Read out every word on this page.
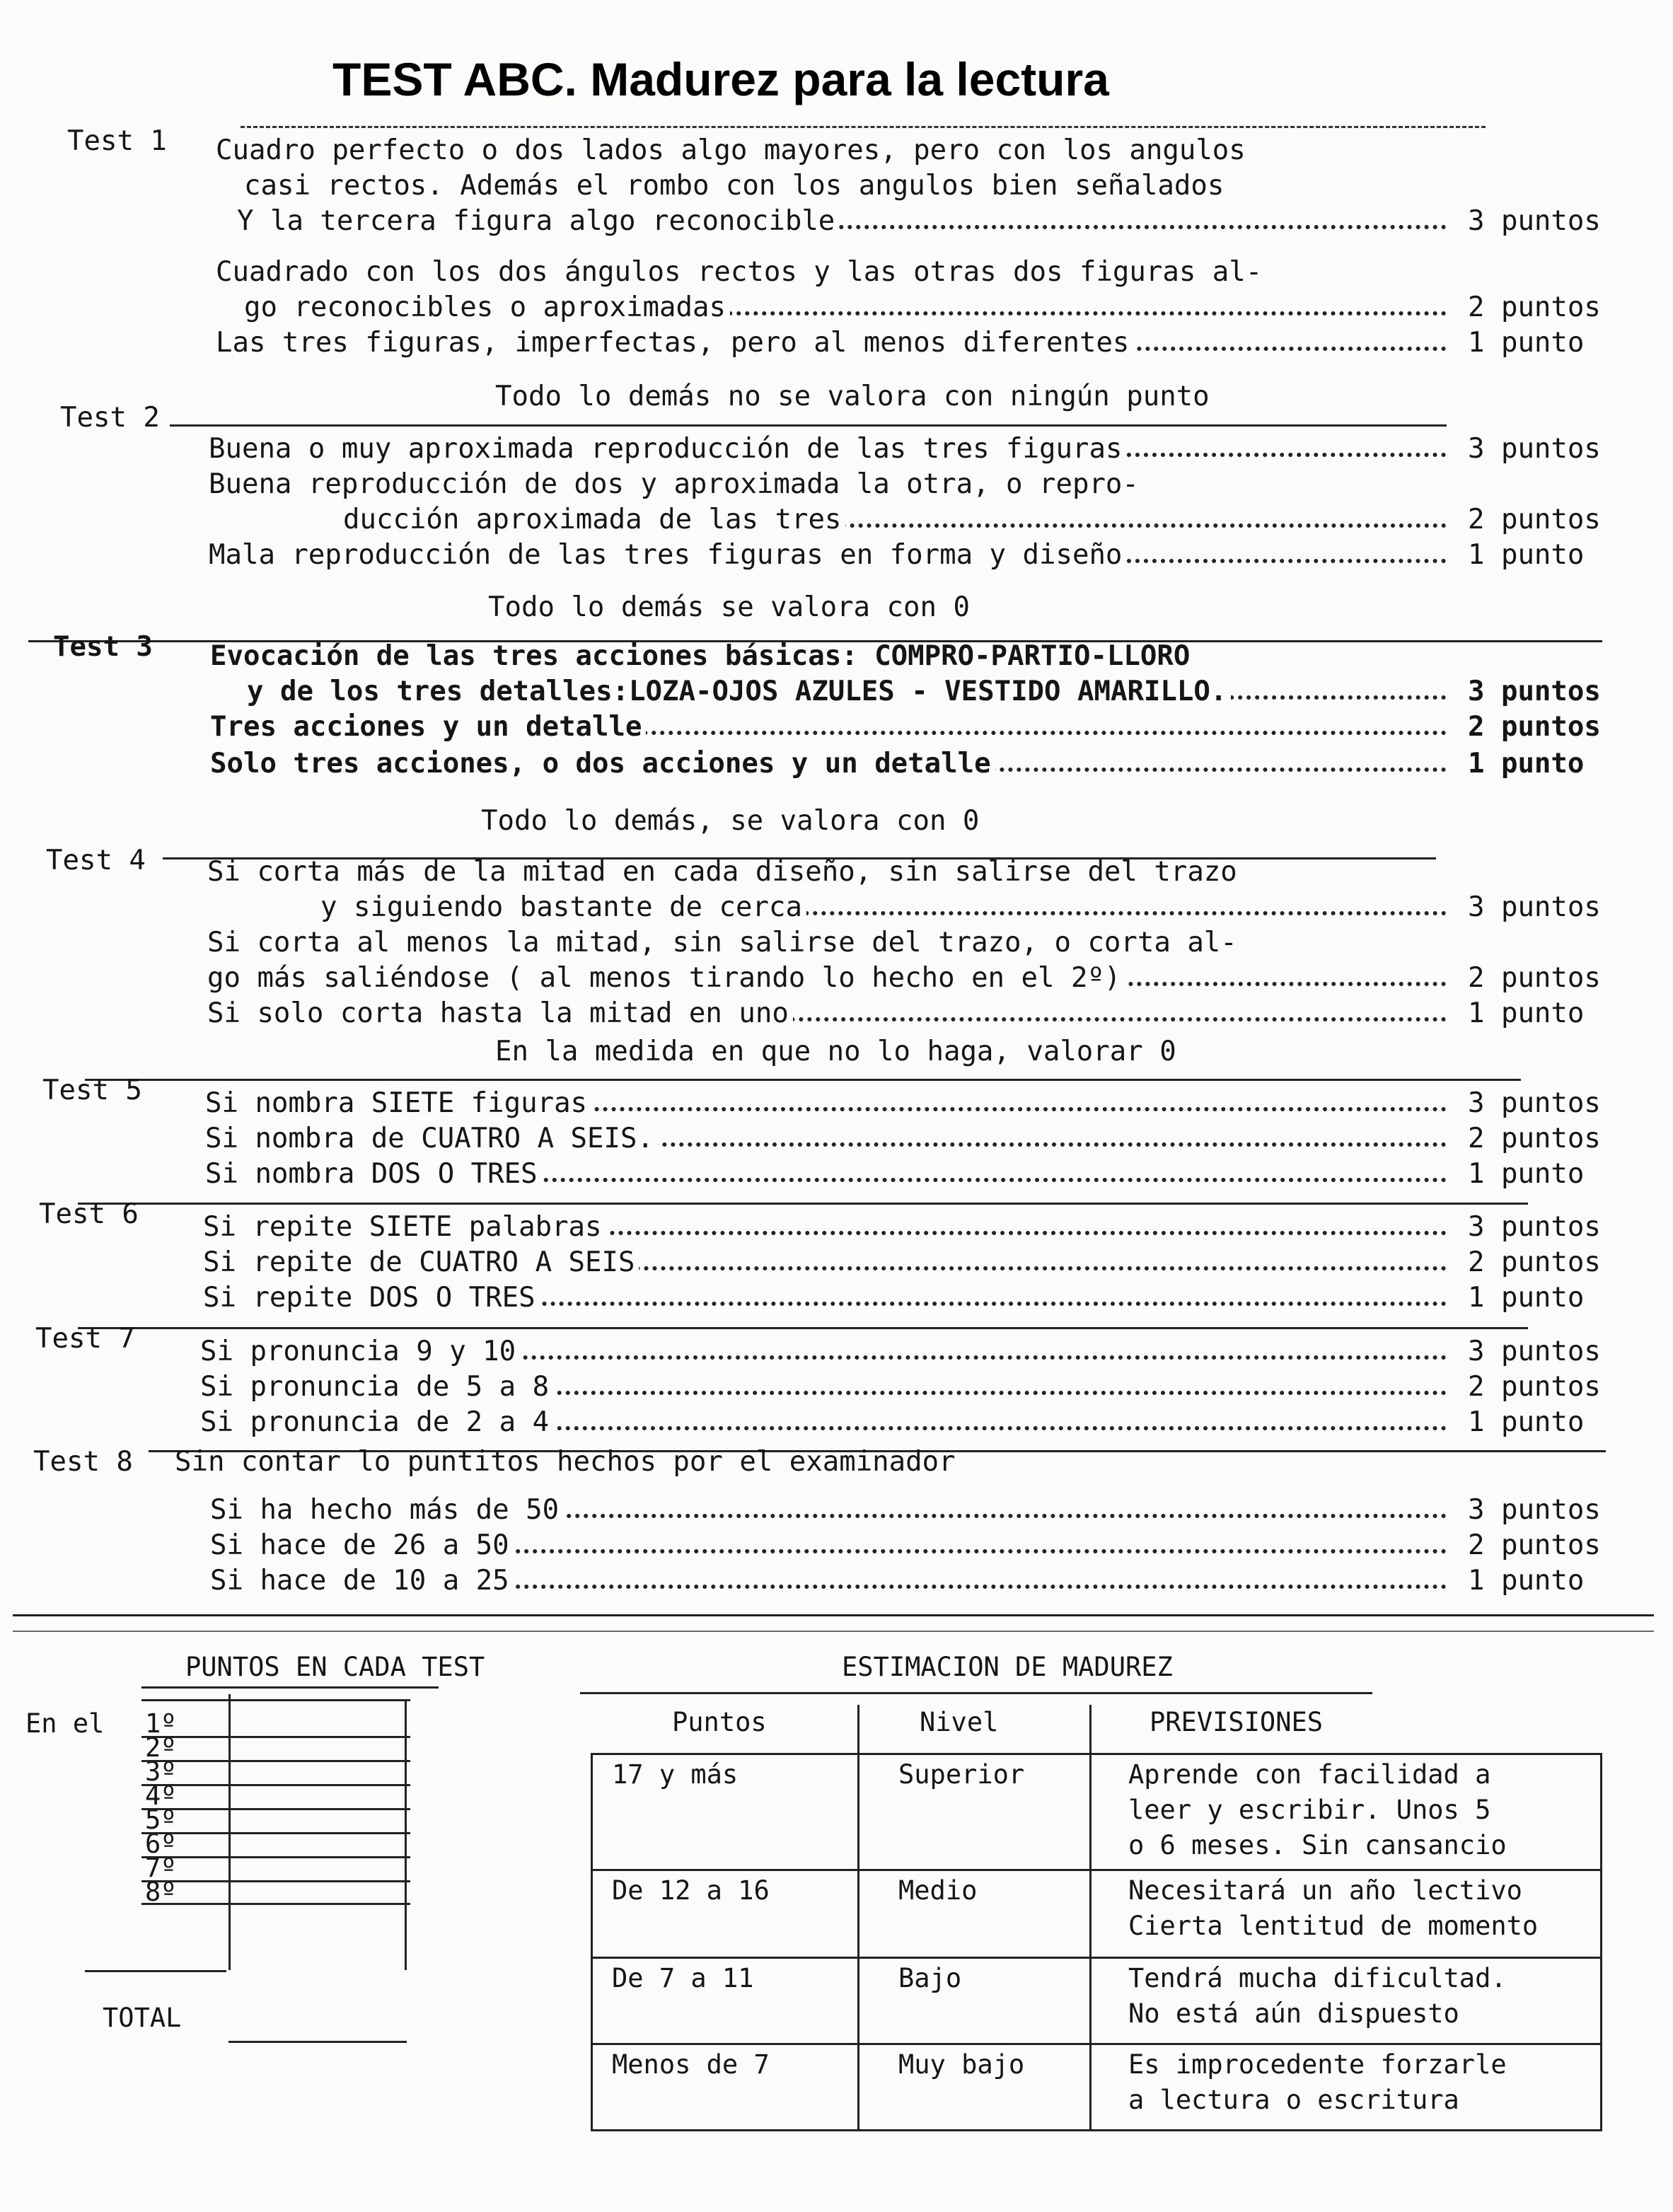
TEST ABC. Madurez para la lectura
Test 1 Cuadro perfecto o dos lados algo mayores, pero con los angulos
casi rectos. Además el rombo con los angulos bien señalados
Y la tercera figura algo reconocible	3 puntos
Cuadrado con los dos ángulos rectos y las otras dos figuras al-
go reconocibles o aproximadas	2 puntos
Las tres figuras, imperfectas, pero al menos diferentes	1 punto
Todo lo demás no se valora con ningún punto
Test 2
Buena o muy aproximada reproducción de las tres figuras	3 puntos
Buena reproducción de dos y aproximada la otra, o repro-
ducción aproximada de las tres	2 puntos
Mala reproducción de las tres figuras en forma y diseño	1 punto
Todo lo demás se valora con 0
Test 3 Evocación de las tres acciones básicas: COMPRO-PARTIO-LLORO
y de los tres detalles:LOZA-OJOS AZULES - VESTIDO AMARILLO.	3 puntos
Tres acciones y un detalle	2 puntos
Solo tres acciones, o dos acciones y un detalle	1 punto
Todo lo demás, se valora con 0
Test 4 Si corta más de la mitad en cada diseño, sin salirse del trazo
y siguiendo bastante de cerca	3 puntos
Si corta al menos la mitad, sin salirse del trazo, o corta al-
go más saliéndose ( al menos tirando lo hecho en el 2º)	2 puntos
Si solo corta hasta la mitad en uno	1 punto
En la medida en que no lo haga, valorar 0
Test 5 Si nombra SIETE figuras	3 puntos
Si nombra de CUATRO A SEIS.	2 puntos
Si nombra DOS O TRES	1 punto
Test 6 Si repite SIETE palabras	3 puntos
Si repite de CUATRO A SEIS	2 puntos
Si repite DOS O TRES	1 punto
Test 7 Si pronuncia 9 y 10	3 puntos
Si pronuncia de 5 a 8	2 puntos
Si pronuncia de 2 a 4	1 punto
Test 8 Sin contar lo puntitos hechos por el examinador
Si ha hecho más de 50	3 puntos
Si hace de 26 a 50	2 puntos
Si hace de 10 a 25	1 punto
PUNTOS EN CADA TEST
En el 1º
2º
3º
4º
5º
6º
7º
8º
TOTAL
ESTIMACION DE MADUREZ
Puntos	Nivel	PREVISIONES
17 y más	Superior	Aprende con facilidad a
leer y escribir. Unos 5
o 6 meses. Sin cansancio
De 12 a 16	Medio	Necesitará un año lectivo
Cierta lentitud de momento
De 7 a 11	Bajo	Tendrá mucha dificultad.
No está aún dispuesto
Menos de 7	Muy bajo	Es improcedente forzarle
a lectura o escritura
